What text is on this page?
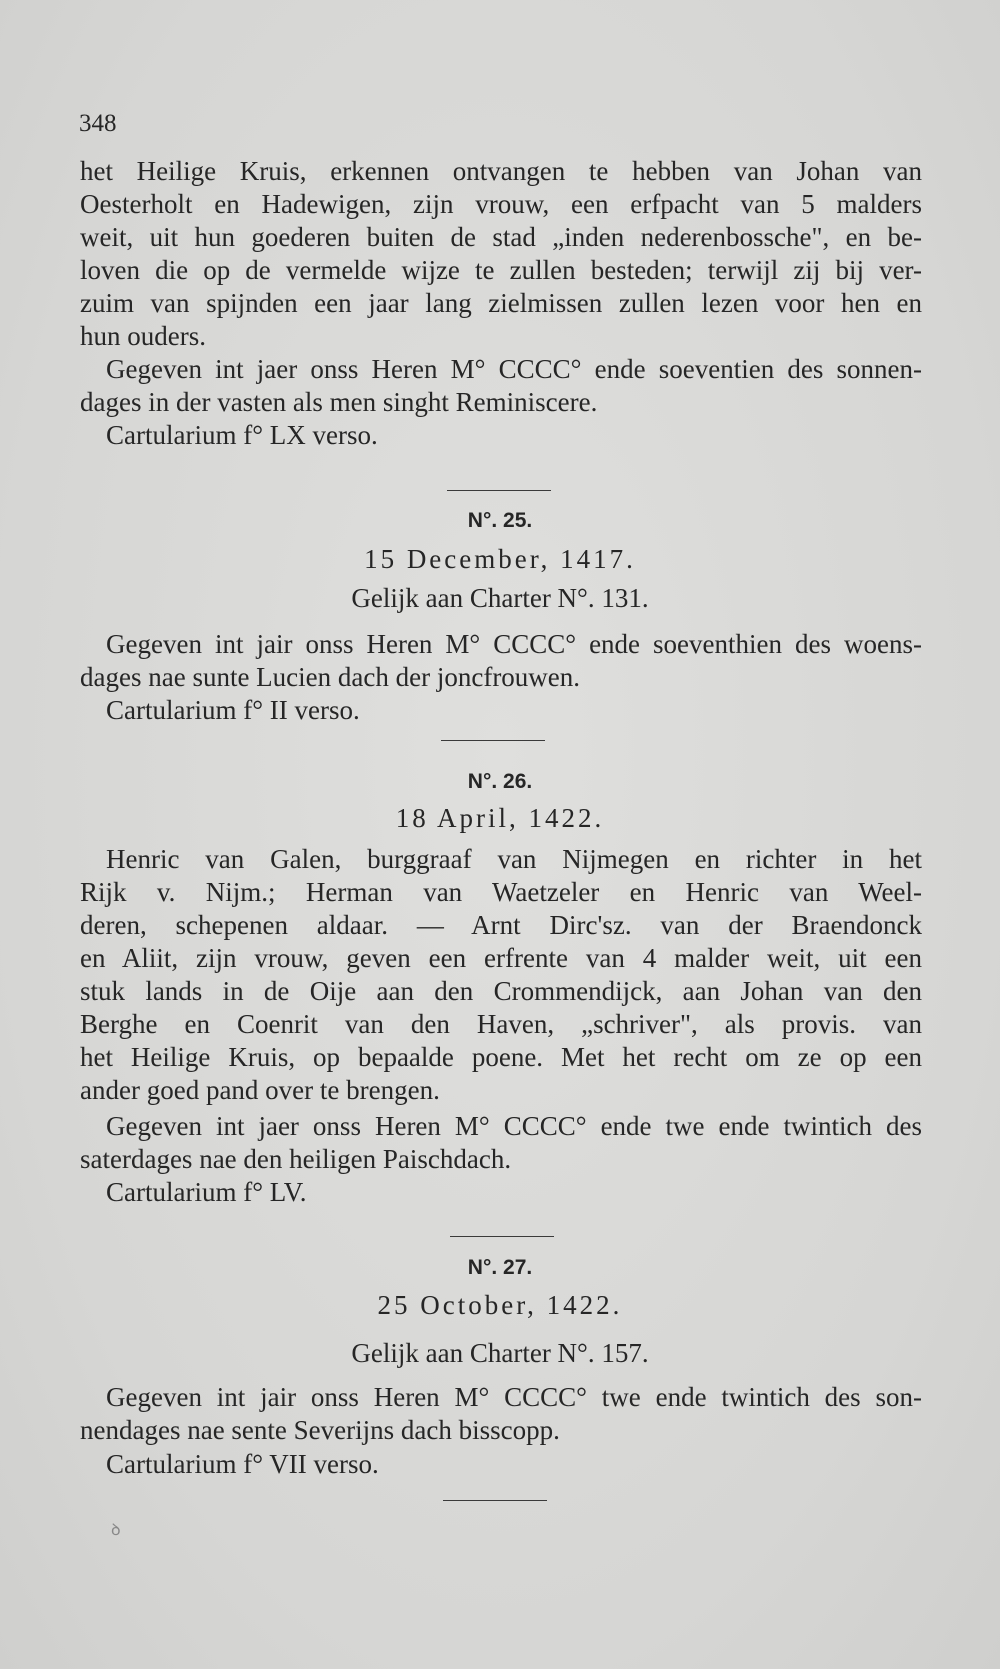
348

het Heilige Kruis, erkennen ontvangen te hebben van Johan van

Oesterholt en Hadewigen, zijn vrouw, een erfpacht van 5 malders

weit, uit hun goederen buiten de stad „inden nederenbossche", en be-

loven die op de vermelde wijze te zullen besteden; terwijl zij bij ver-

zuim van spijnden een jaar lang zielmissen zullen lezen voor hen en

hun ouders.

Gegeven int jaer onss Heren M° CCCC° ende soeventien des sonnen-

dages in der vasten als men singht Reminiscere.

Cartularium f° LX verso.

N°. 25.

15 December, 1417.

Gelijk aan Charter N°. 131.

Gegeven int jair onss Heren M° CCCC° ende soeventhien des woens-

dages nae sunte Lucien dach der joncfrouwen.

Cartularium f° II verso.

N°. 26.

18 April, 1422.

Henric van Galen, burggraaf van Nijmegen en richter in het

Rijk v. Nijm.; Herman van Waetzeler en Henric van Weel-

deren, schepenen aldaar. — Arnt Dirc'sz. van der Braendonck

en Aliit, zijn vrouw, geven een erfrente van 4 malder weit, uit een

stuk lands in de Oije aan den Crommendijck, aan Johan van den

Berghe en Coenrit van den Haven, „schriver", als provis. van

het Heilige Kruis, op bepaalde poene. Met het recht om ze op een

ander goed pand over te brengen.

Gegeven int jaer onss Heren M° CCCC° ende twe ende twintich des

saterdages nae den heiligen Paischdach.

Cartularium f° LV.

N°. 27.

25 October, 1422.

Gelijk aan Charter N°. 157.

Gegeven int jair onss Heren M° CCCC° twe ende twintich des son-

nendages nae sente Severijns dach bisscopp.

Cartularium f° VII verso.

ꝺ
